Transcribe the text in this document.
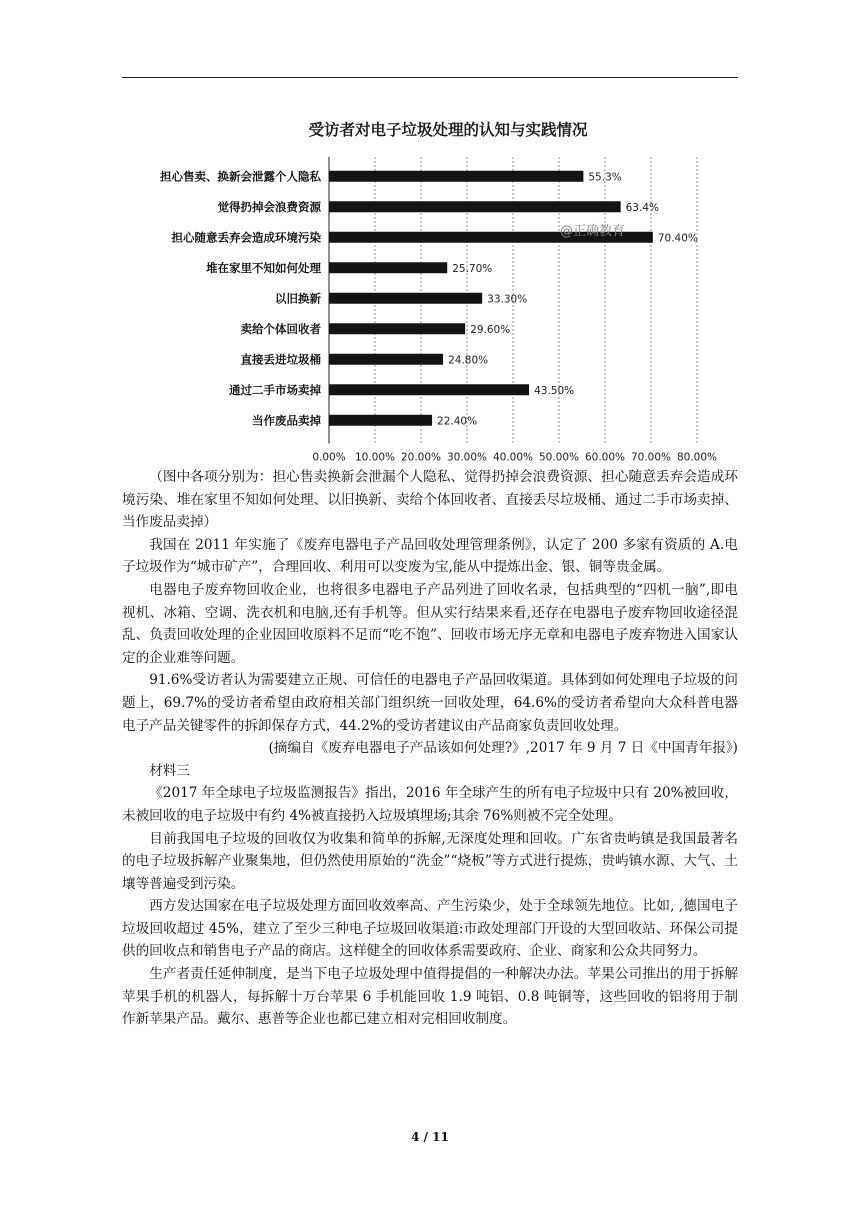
受访者对电子垃圾处理的认知与实践情况
担心售卖、换新会泄露个人隐私
觉得扔掉会浪费资源
担心随意丢弃会造成环境污染
堆在家里不知如何处理
以旧换新
卖给个体回收者
直接丢进垃圾桶
通过二手市场卖掉
当作废品卖掉
55.3%
63.4%
70.40%
25.70%
33.30%
29.60%
24.80%
43.50%
22.40%
0.00% 10.00% 20.00% 30.00% 40.00% 50.00% 60.00% 70.00% 80.00%
@正确教育

（图中各项分别为：担心售卖换新会泄漏个人隐私、觉得扔掉会浪费资源、担心随意丢弃会造成环境污染、堆在家里不知如何处理、以旧换新、卖给个体回收者、直接丢尽垃圾桶、通过二手市场卖掉、当作废品卖掉）

我国在 2011 年实施了《废弃电器电子产品回收处理管理条例》，认定了 200 多家有资质的 A.电子垃圾作为“城市矿产”，合理回收、利用可以变废为宝,能从中提炼出金、银、铜等贵金属。

电器电子废弃物回收企业，也将很多电器电子产品列进了回收名录，包括典型的“四机一脑”,即电视机、冰箱、空调、洗衣机和电脑,还有手机等。但从实行结果来看,还存在电器电子废弃物回收途径混乱、负责回收处理的企业因回收原料不足而“吃不饱”、回收市场无序无章和电器电子废弃物进入国家认定的企业难等问题。

91.6%受访者认为需要建立正规、可信任的电器电子产品回收渠道。具体到如何处理电子垃圾的问题上，69.7%的受访者希望由政府相关部门组织统一回收处理，64.6%的受访者希望向大众科普电器电子产品关键零件的拆卸保存方式，44.2%的受访者建议由产品商家负责回收处理。

(摘编自《废弃电器电子产品该如何处理?》,2017 年 9 月 7 日《中国青年报》)

材料三

《2017 年全球电子垃圾监测报告》指出，2016 年全球产生的所有电子垃圾中只有 20%被回收，未被回收的电子垃圾中有约 4%被直接扔入垃圾填埋场;其余 76%则被不完全处理。

目前我国电子垃圾的回收仅为收集和简单的拆解,无深度处理和回收。广东省贵屿镇是我国最著名的电子垃圾拆解产业聚集地，但仍然使用原始的“洗金”“烧板”等方式进行提炼，贵屿镇水源、大气、土壤等普遍受到污染。

西方发达国家在电子垃圾处理方面回收效率高、产生污染少，处于全球领先地位。比如, ,德国电子垃圾回收超过 45%，建立了至少三种电子垃圾回收渠道:市政处理部门开设的大型回收站、环保公司提供的回收点和销售电子产品的商店。这样健全的回收体系需要政府、企业、商家和公众共同努力。

生产者责任延伸制度，是当下电子垃圾处理中值得提倡的一种解决办法。苹果公司推出的用于拆解苹果手机的机器人，每拆解十万台苹果 6 手机能回收 1.9 吨铝、0.8 吨铜等，这些回收的铝将用于制作新苹果产品。戴尔、惠普等企业也都已建立相对完相回收制度。

4 / 11
